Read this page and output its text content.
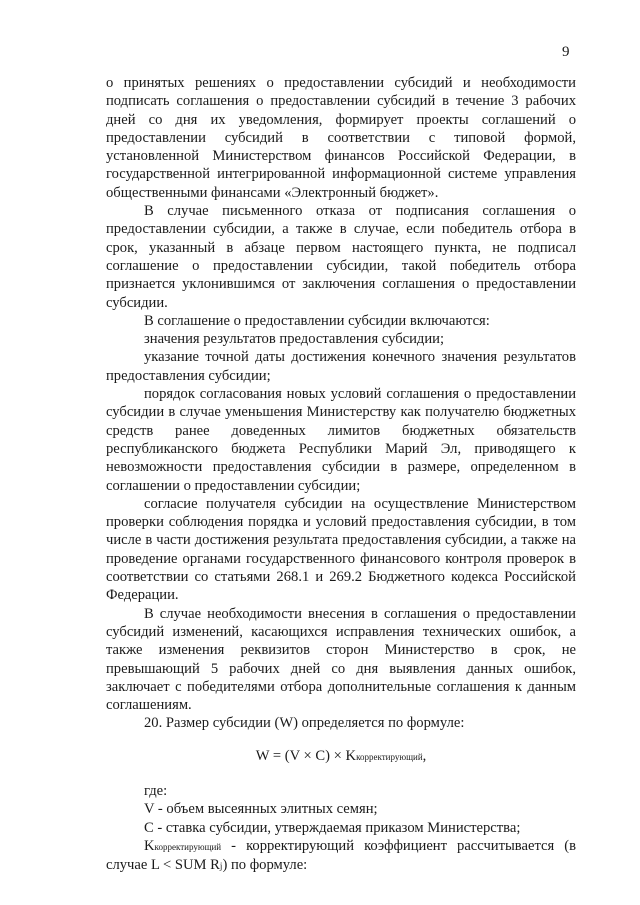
9

о принятых решениях о предоставлении субсидий и необходимости подписать соглашения о предоставлении субсидий в течение 3 рабочих дней со дня их уведомления, формирует проекты соглашений о предоставлении субсидий в соответствии с типовой формой, установленной Министерством финансов Российской Федерации, в государственной интегрированной информационной системе управления общественными финансами «Электронный бюджет».

В случае письменного отказа от подписания соглашения о предоставлении субсидии, а также в случае, если победитель отбора в срок, указанный в абзаце первом настоящего пункта, не подписал соглашение о предоставлении субсидии, такой победитель отбора признается уклонившимся от заключения соглашения о предоставлении субсидии.

В соглашение о предоставлении субсидии включаются:

значения результатов предоставления субсидии;

указание точной даты достижения конечного значения результатов предоставления субсидии;

порядок согласования новых условий соглашения о предоставлении субсидии в случае уменьшения Министерству как получателю бюджетных средств ранее доведенных лимитов бюджетных обязательств республиканского бюджета Республики Марий Эл, приводящего к невозможности предоставления субсидии в размере, определенном в соглашении о предоставлении субсидии;

согласие получателя субсидии на осуществление Министерством проверки соблюдения порядка и условий предоставления субсидии, в том числе в части достижения результата предоставления субсидии, а также на проведение органами государственного финансового контроля проверок в соответствии со статьями 268.1 и 269.2 Бюджетного кодекса Российской Федерации.

В случае необходимости внесения в соглашения о предоставлении субсидий изменений, касающихся исправления технических ошибок, а также изменения реквизитов сторон Министерство в срок, не превышающий 5 рабочих дней со дня выявления данных ошибок, заключает с победителями отбора дополнительные соглашения к данным соглашениям.

20. Размер субсидии (W) определяется по формуле:

W = (V × C) × Kкорректирующий,

где:

V - объем высеянных элитных семян;

C - ставка субсидии, утверждаемая приказом Министерства;

Kкорректирующий - корректирующий коэффициент рассчитывается (в случае L < SUM Rj) по формуле:
